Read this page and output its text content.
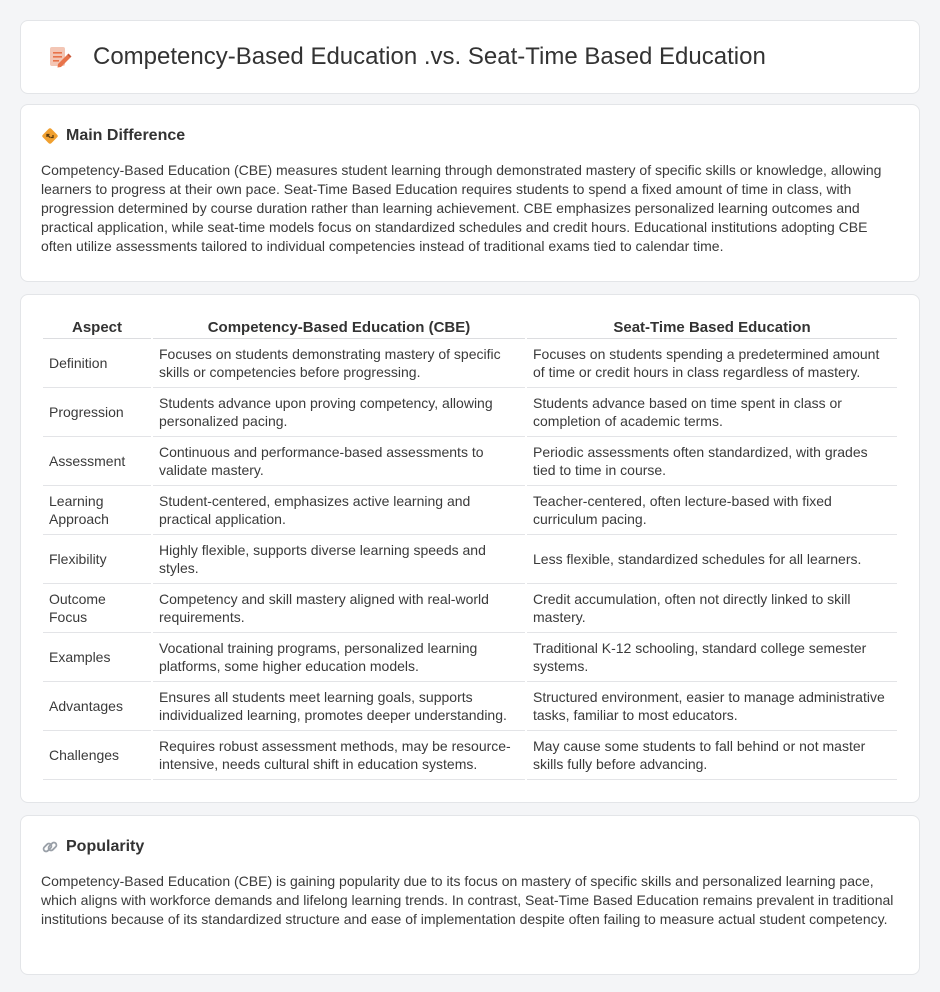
Competency-Based Education .vs. Seat-Time Based Education
Main Difference

Competency-Based Education (CBE) measures student learning through demonstrated mastery of specific skills or knowledge, allowing learners to progress at their own pace. Seat-Time Based Education requires students to spend a fixed amount of time in class, with progression determined by course duration rather than learning achievement. CBE emphasizes personalized learning outcomes and practical application, while seat-time models focus on standardized schedules and credit hours. Educational institutions adopting CBE often utilize assessments tailored to individual competencies instead of traditional exams tied to calendar time.

Aspect	Competency-Based Education (CBE)	Seat-Time Based Education
Definition	Focuses on students demonstrating mastery of specific skills or competencies before progressing.	Focuses on students spending a predetermined amount of time or credit hours in class regardless of mastery.
Progression	Students advance upon proving competency, allowing personalized pacing.	Students advance based on time spent in class or completion of academic terms.
Assessment	Continuous and performance-based assessments to validate mastery.	Periodic assessments often standardized, with grades tied to time in course.
Learning Approach	Student-centered, emphasizes active learning and practical application.	Teacher-centered, often lecture-based with fixed curriculum pacing.
Flexibility	Highly flexible, supports diverse learning speeds and styles.	Less flexible, standardized schedules for all learners.
Outcome Focus	Competency and skill mastery aligned with real-world requirements.	Credit accumulation, often not directly linked to skill mastery.
Examples	Vocational training programs, personalized learning platforms, some higher education models.	Traditional K-12 schooling, standard college semester systems.
Advantages	Ensures all students meet learning goals, supports individualized learning, promotes deeper understanding.	Structured environment, easier to manage administrative tasks, familiar to most educators.
Challenges	Requires robust assessment methods, may be resource-intensive, needs cultural shift in education systems.	May cause some students to fall behind or not master skills fully before advancing.
Popularity

Competency-Based Education (CBE) is gaining popularity due to its focus on mastery of specific skills and personalized learning pace, which aligns with workforce demands and lifelong learning trends. In contrast, Seat-Time Based Education remains prevalent in traditional institutions because of its standardized structure and ease of implementation despite often failing to measure actual student competency.
